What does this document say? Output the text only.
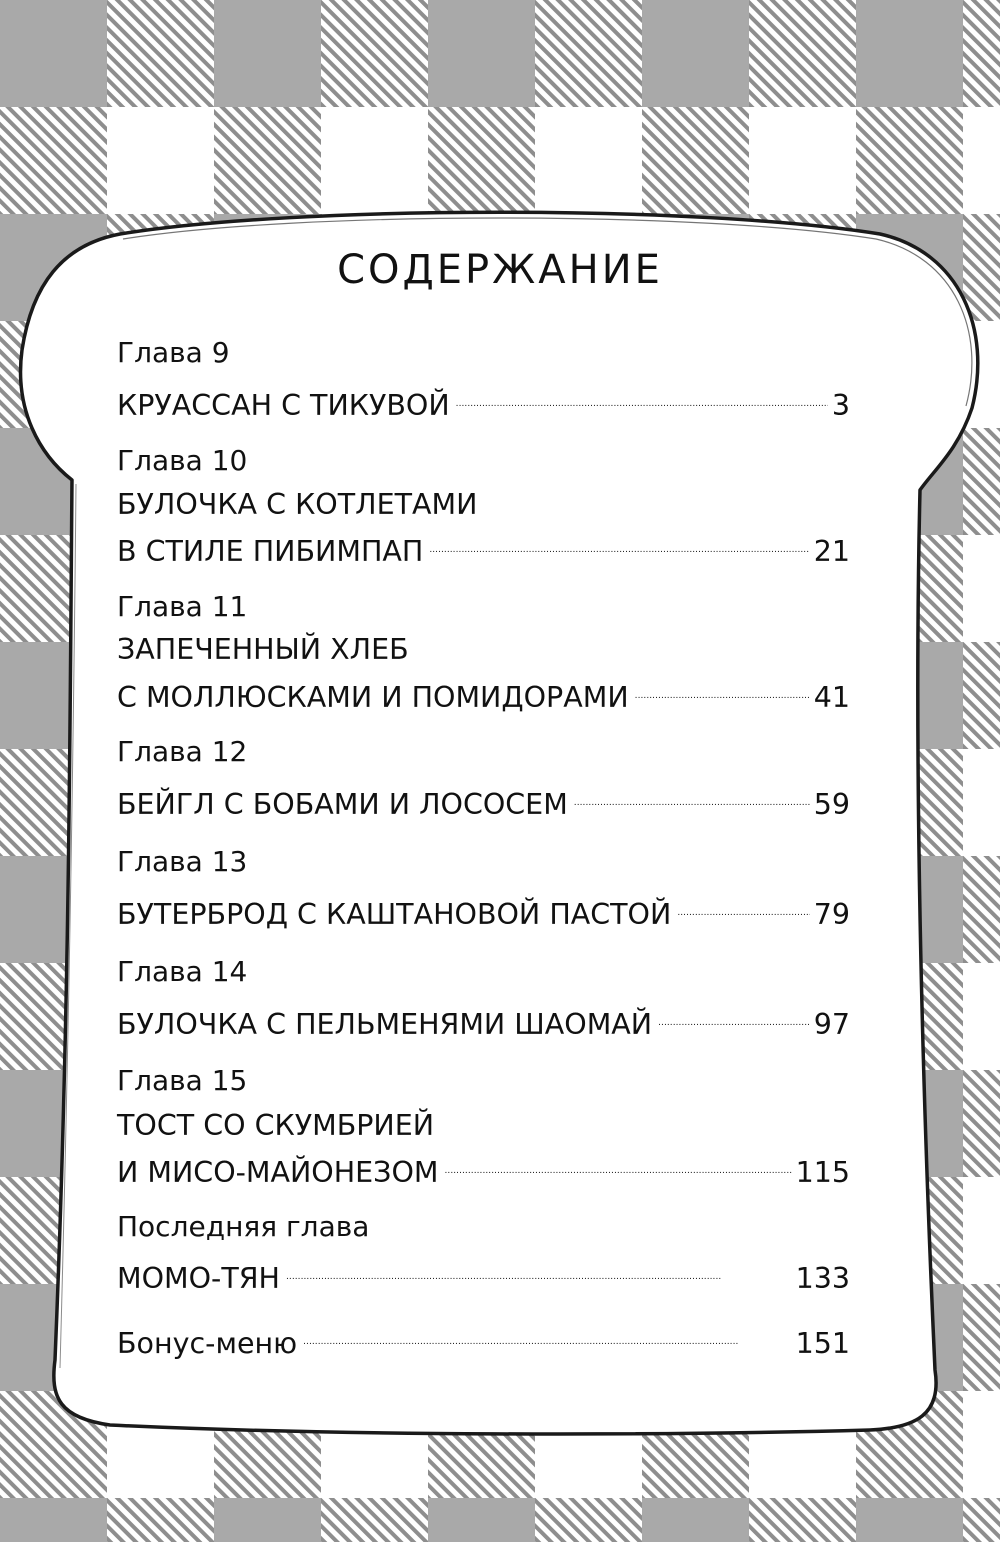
СОДЕРЖАНИЕ
Глава 9
КРУАССАН С ТИКУВОЙ . . .	3
Глава 10
БУЛОЧКА С КОТЛЕТАМИ
В СТИЛЕ ПИБИМПАП . . .	21
Глава 11
ЗАПЕЧЕННЫЙ ХЛЕБ
С МОЛЛЮСКАМИ И ПОМИДОРАМИ . . .	41
Глава 12
БЕЙГЛ С БОБАМИ И ЛОСОСЕМ . . .	59
Глава 13
БУТЕРБРОД С КАШТАНОВОЙ ПАСТОЙ . . .	79
Глава 14
БУЛОЧКА С ПЕЛЬМЕНЯМИ ШАОМАЙ . . .	97
Глава 15
ТОСТ СО СКУМБРИЕЙ
И МИСО-МАЙОНЕЗОМ . . .	115
Последняя глава
МОМО-ТЯН . . .	133
Бонус-меню . . .	151
